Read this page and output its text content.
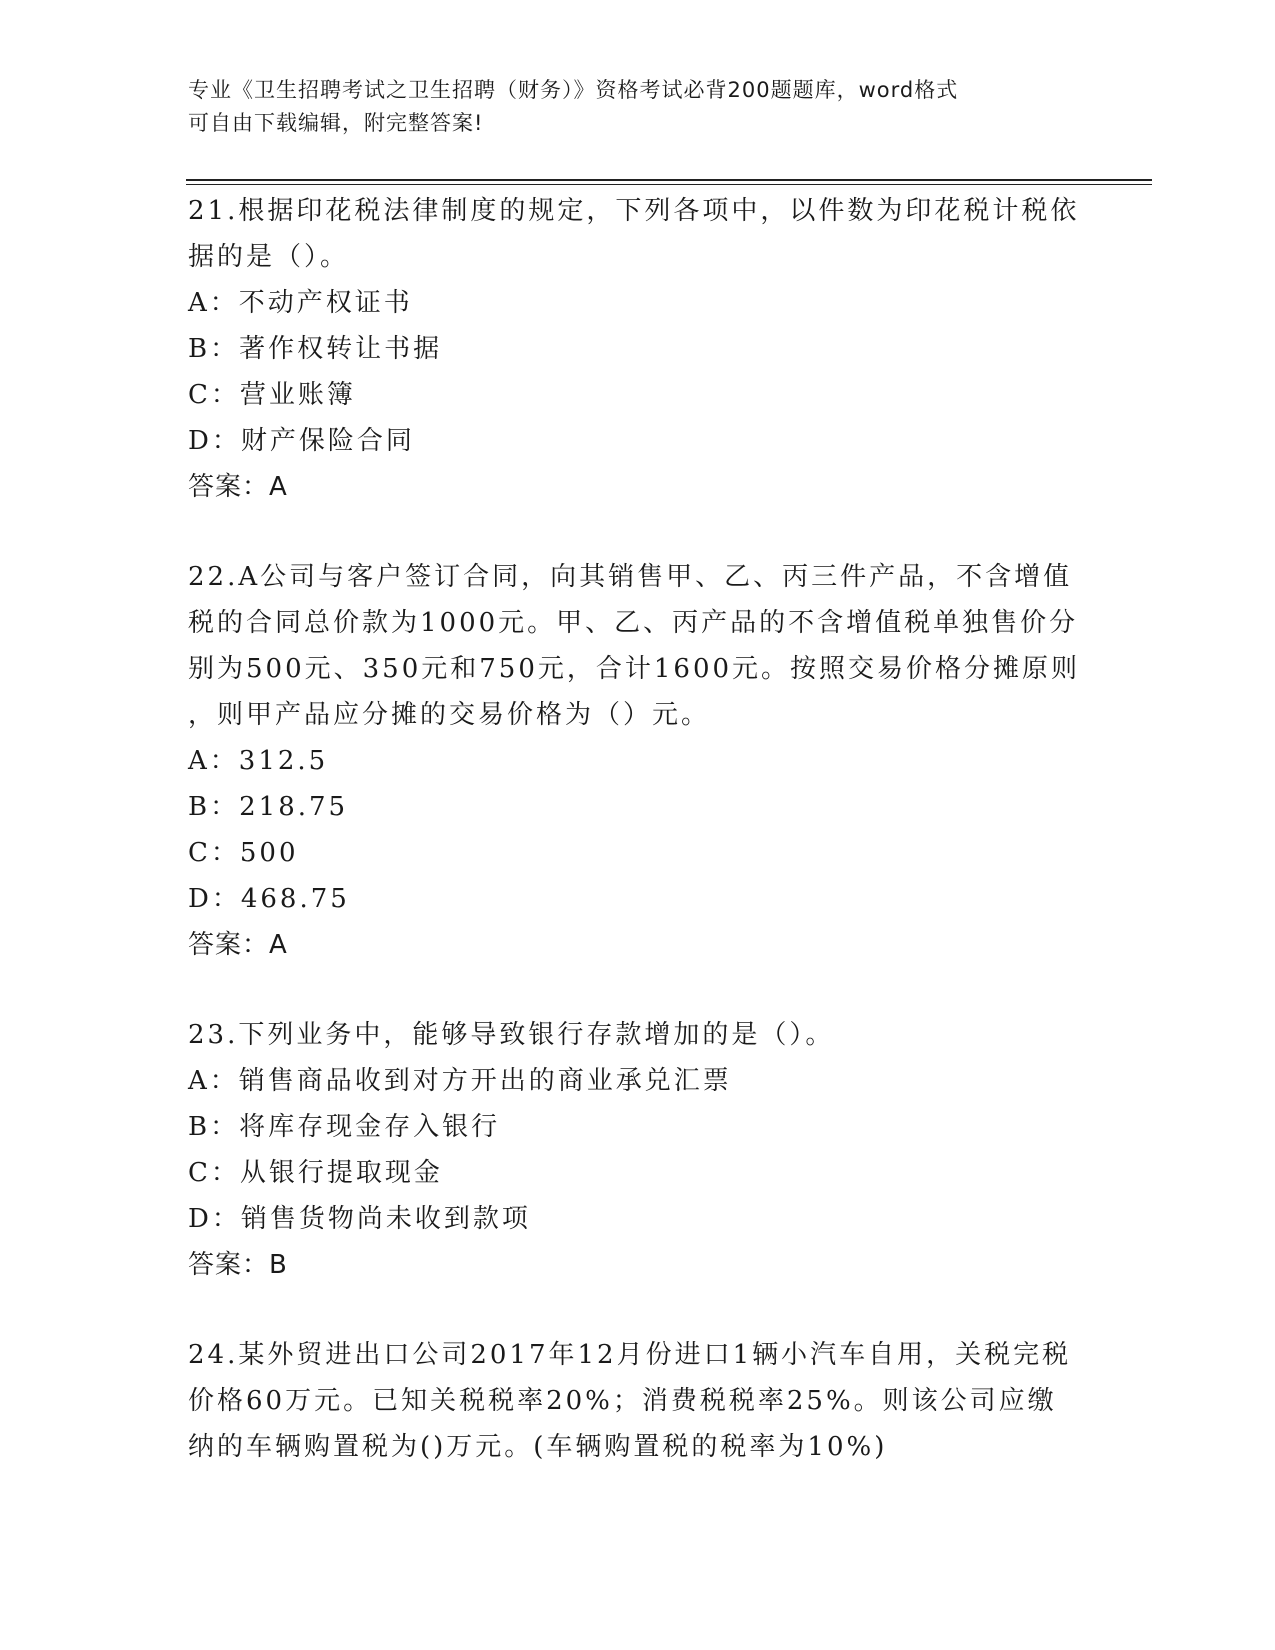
专业《卫生招聘考试之卫生招聘（财务）》资格考试必背200题题库，word格式
可自由下载编辑，附完整答案!
21.根据印花税法律制度的规定，下列各项中，以件数为印花税计税依
据的是（）。
A：不动产权证书
B：著作权转让书据
C：营业账簿
D：财产保险合同
答案：A
22.A公司与客户签订合同，向其销售甲、乙、丙三件产品，不含增值
税的合同总价款为1000元。甲、乙、丙产品的不含增值税单独售价分
别为500元、350元和750元，合计1600元。按照交易价格分摊原则
，则甲产品应分摊的交易价格为（）元。
A：312.5
B：218.75
C：500
D：468.75
答案：A
23.下列业务中，能够导致银行存款增加的是（）。
A：销售商品收到对方开出的商业承兑汇票
B：将库存现金存入银行
C：从银行提取现金
D：销售货物尚未收到款项
答案：B
24.某外贸进出口公司2017年12月份进口1辆小汽车自用，关税完税
价格60万元。已知关税税率20%；消费税税率25%。则该公司应缴
纳的车辆购置税为()万元。(车辆购置税的税率为10%)
